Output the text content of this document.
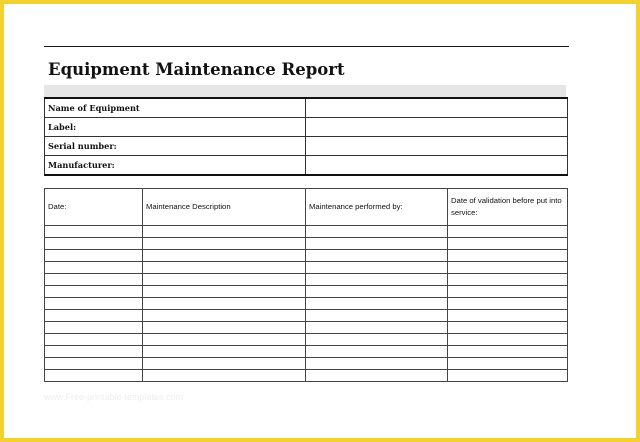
Equipment Maintenance Report
Name of Equipment	
Label:	
Serial number:	
Manufacturer:	
Date:	Maintenance Description	Maintenance performed by:	Date of validation before put into service:

www.Free-printable-templates.com
